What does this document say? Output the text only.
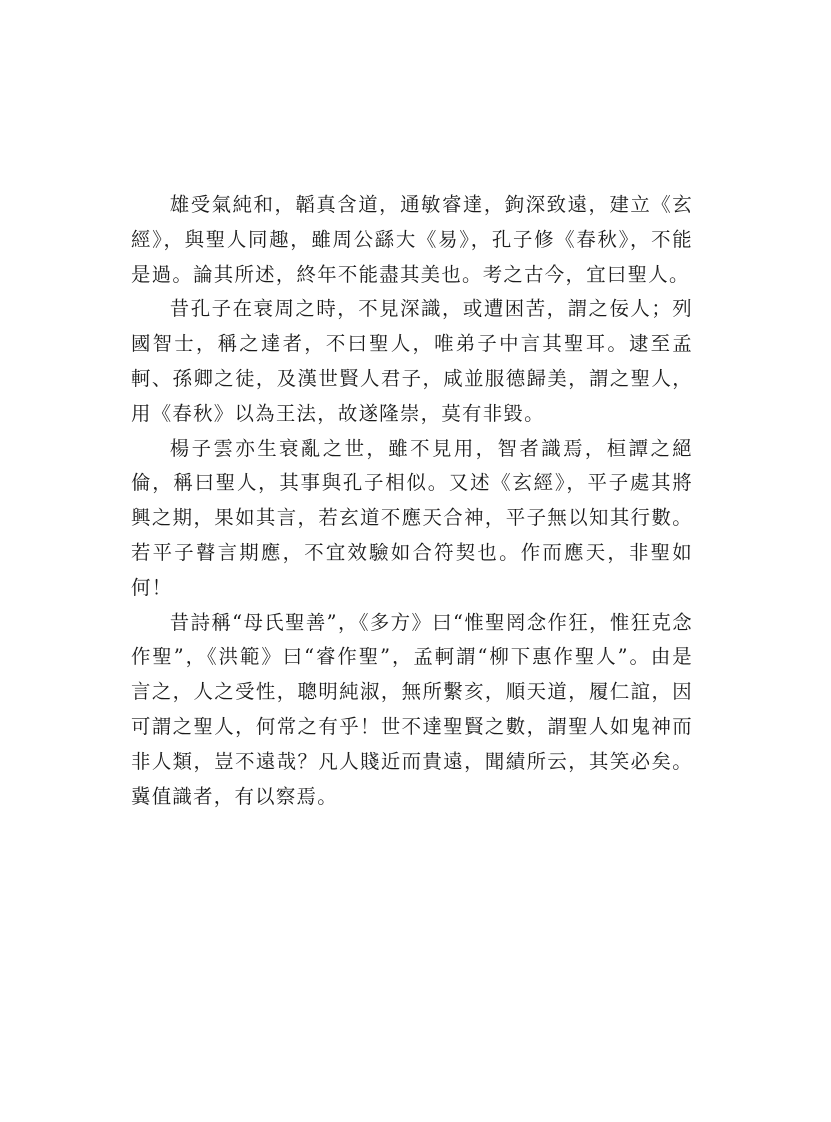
雄受氣純和，韜真含道，通敏睿達，鉤深致遠，建立《玄經》，與聖人同趣，雖周公繇大《易》，孔子修《春秋》，不能是過。論其所述，終年不能盡其美也。考之古今，宜曰聖人。

昔孔子在衰周之時，不見深識，或遭困苦，謂之佞人；列國智士，稱之達者，不曰聖人，唯弟子中言其聖耳。逮至孟軻、孫卿之徒，及漢世賢人君子，咸並服德歸美，謂之聖人，用《春秋》以為王法，故遂隆崇，莫有非毀。

楊子雲亦生衰亂之世，雖不見用，智者識焉，桓譚之絕倫，稱曰聖人，其事與孔子相似。又述《玄經》，平子處其將興之期，果如其言，若玄道不應天合神，平子無以知其行數。若平子瞽言期應，不宜效驗如合符契也。作而應天，非聖如何！

昔詩稱“母氏聖善”，《多方》曰“惟聖罔念作狂，惟狂克念作聖”，《洪範》曰“睿作聖”，孟軻謂“柳下惠作聖人”。由是言之，人之受性，聰明純淑，無所繫亥，順天道，履仁誼，因可謂之聖人，何常之有乎！世不達聖賢之數，謂聖人如鬼神而非人類，豈不遠哉？凡人賤近而貴遠，聞績所云，其笑必矣。冀值識者，有以察焉。
